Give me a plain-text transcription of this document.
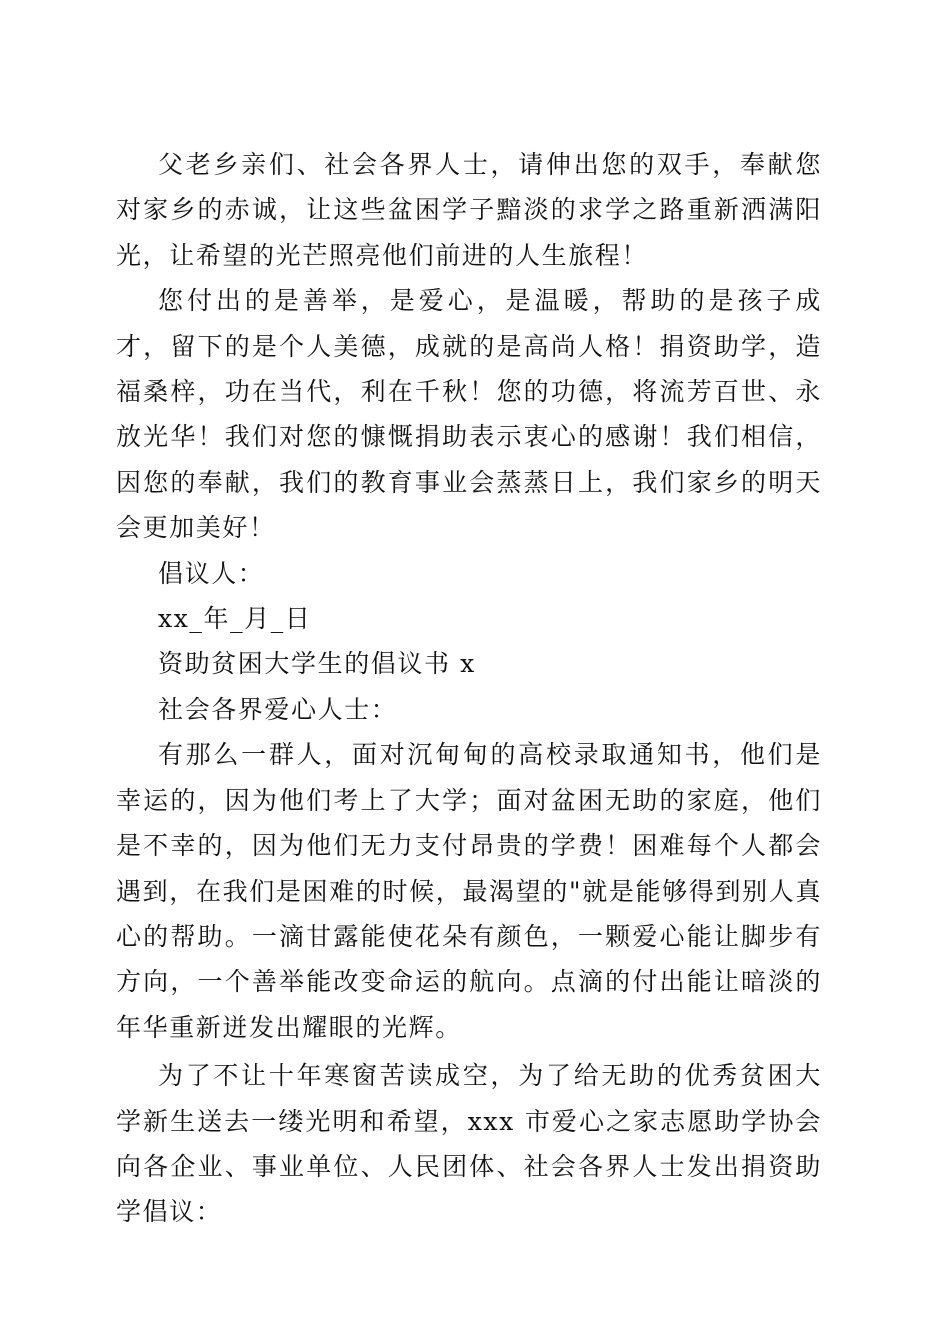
父老乡亲们、社会各界人士，请伸出您的双手，奉献您对家乡的赤诚，让这些盆困学子黯淡的求学之路重新洒满阳光，让希望的光芒照亮他们前进的人生旅程！

您付出的是善举，是爱心，是温暖，帮助的是孩子成才，留下的是个人美德，成就的是高尚人格！捐资助学，造福桑梓，功在当代，利在千秋！您的功德，将流芳百世、永放光华！我们对您的慷慨捐助表示衷心的感谢！我们相信，因您的奉献，我们的教育事业会蒸蒸日上，我们家乡的明天会更加美好！

倡议人：

xx_年_月_日

资助贫困大学生的倡议书 x

社会各界爱心人士：

有那么一群人，面对沉甸甸的高校录取通知书，他们是幸运的，因为他们考上了大学；面对盆困无助的家庭，他们是不幸的，因为他们无力支付昂贵的学费！困难每个人都会遇到，在我们是困难的时候，最渴望的"就是能够得到别人真心的帮助。一滴甘露能使花朵有颜色，一颗爱心能让脚步有方向，一个善举能改变命运的航向。点滴的付出能让暗淡的年华重新迸发出耀眼的光辉。

为了不让十年寒窗苦读成空，为了给无助的优秀贫困大学新生送去一缕光明和希望，xxx 市爱心之家志愿助学协会向各企业、事业单位、人民团体、社会各界人士发出捐资助学倡议：
